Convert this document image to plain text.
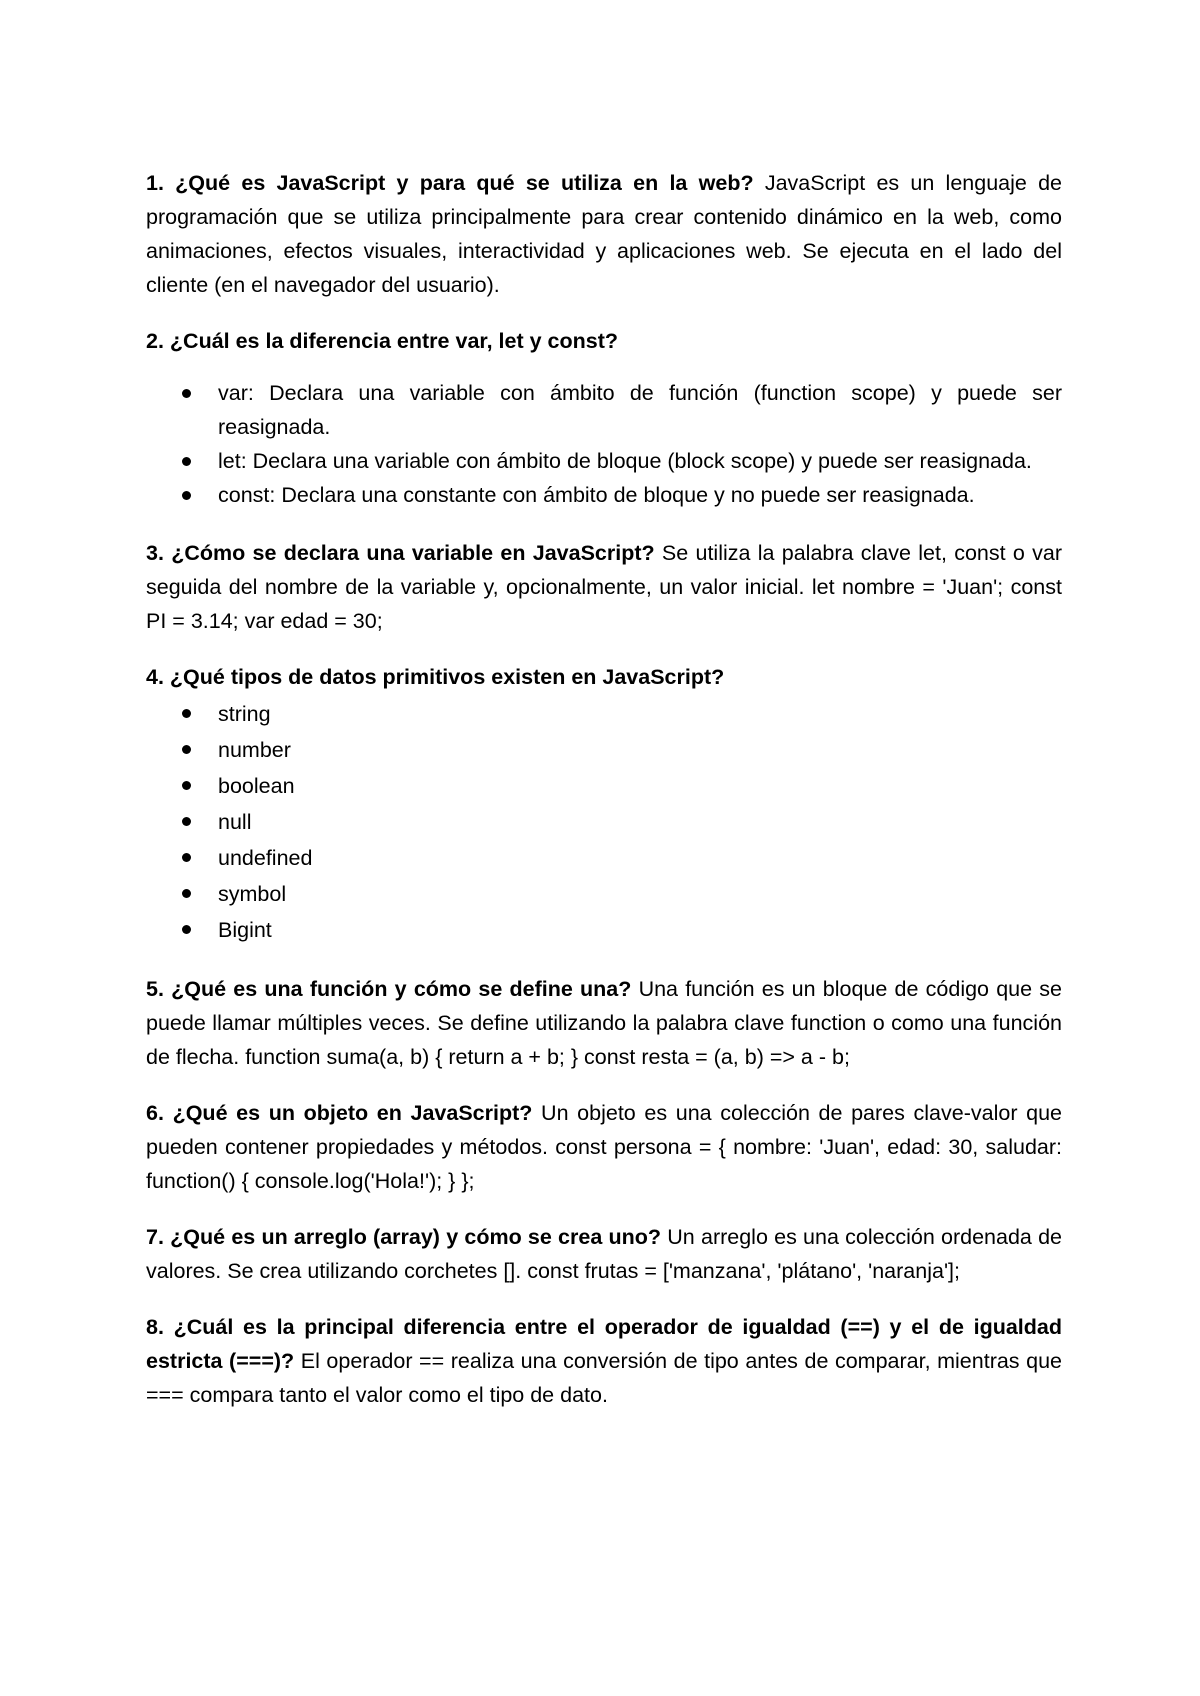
1. ¿Qué es JavaScript y para qué se utiliza en la web? JavaScript es un lenguaje de programación que se utiliza principalmente para crear contenido dinámico en la web, como animaciones, efectos visuales, interactividad y aplicaciones web. Se ejecuta en el lado del cliente (en el navegador del usuario).

2. ¿Cuál es la diferencia entre var, let y const?

var: Declara una variable con ámbito de función (function scope) y puede ser reasignada.
let: Declara una variable con ámbito de bloque (block scope) y puede ser reasignada.
const: Declara una constante con ámbito de bloque y no puede ser reasignada.

3. ¿Cómo se declara una variable en JavaScript? Se utiliza la palabra clave let, const o var seguida del nombre de la variable y, opcionalmente, un valor inicial. let nombre = 'Juan'; const PI = 3.14; var edad = 30;

4. ¿Qué tipos de datos primitivos existen en JavaScript?

string
number
boolean
null
undefined
symbol
Bigint

5. ¿Qué es una función y cómo se define una? Una función es un bloque de código que se puede llamar múltiples veces. Se define utilizando la palabra clave function o como una función de flecha. function suma(a, b) { return a + b; } const resta = (a, b) => a - b;

6. ¿Qué es un objeto en JavaScript? Un objeto es una colección de pares clave-valor que pueden contener propiedades y métodos. const persona = { nombre: 'Juan', edad: 30, saludar: function() { console.log('Hola!'); } };

7. ¿Qué es un arreglo (array) y cómo se crea uno? Un arreglo es una colección ordenada de valores. Se crea utilizando corchetes []. const frutas = ['manzana', 'plátano', 'naranja'];

8. ¿Cuál es la principal diferencia entre el operador de igualdad (==) y el de igualdad estricta (===)? El operador == realiza una conversión de tipo antes de comparar, mientras que === compara tanto el valor como el tipo de dato.
